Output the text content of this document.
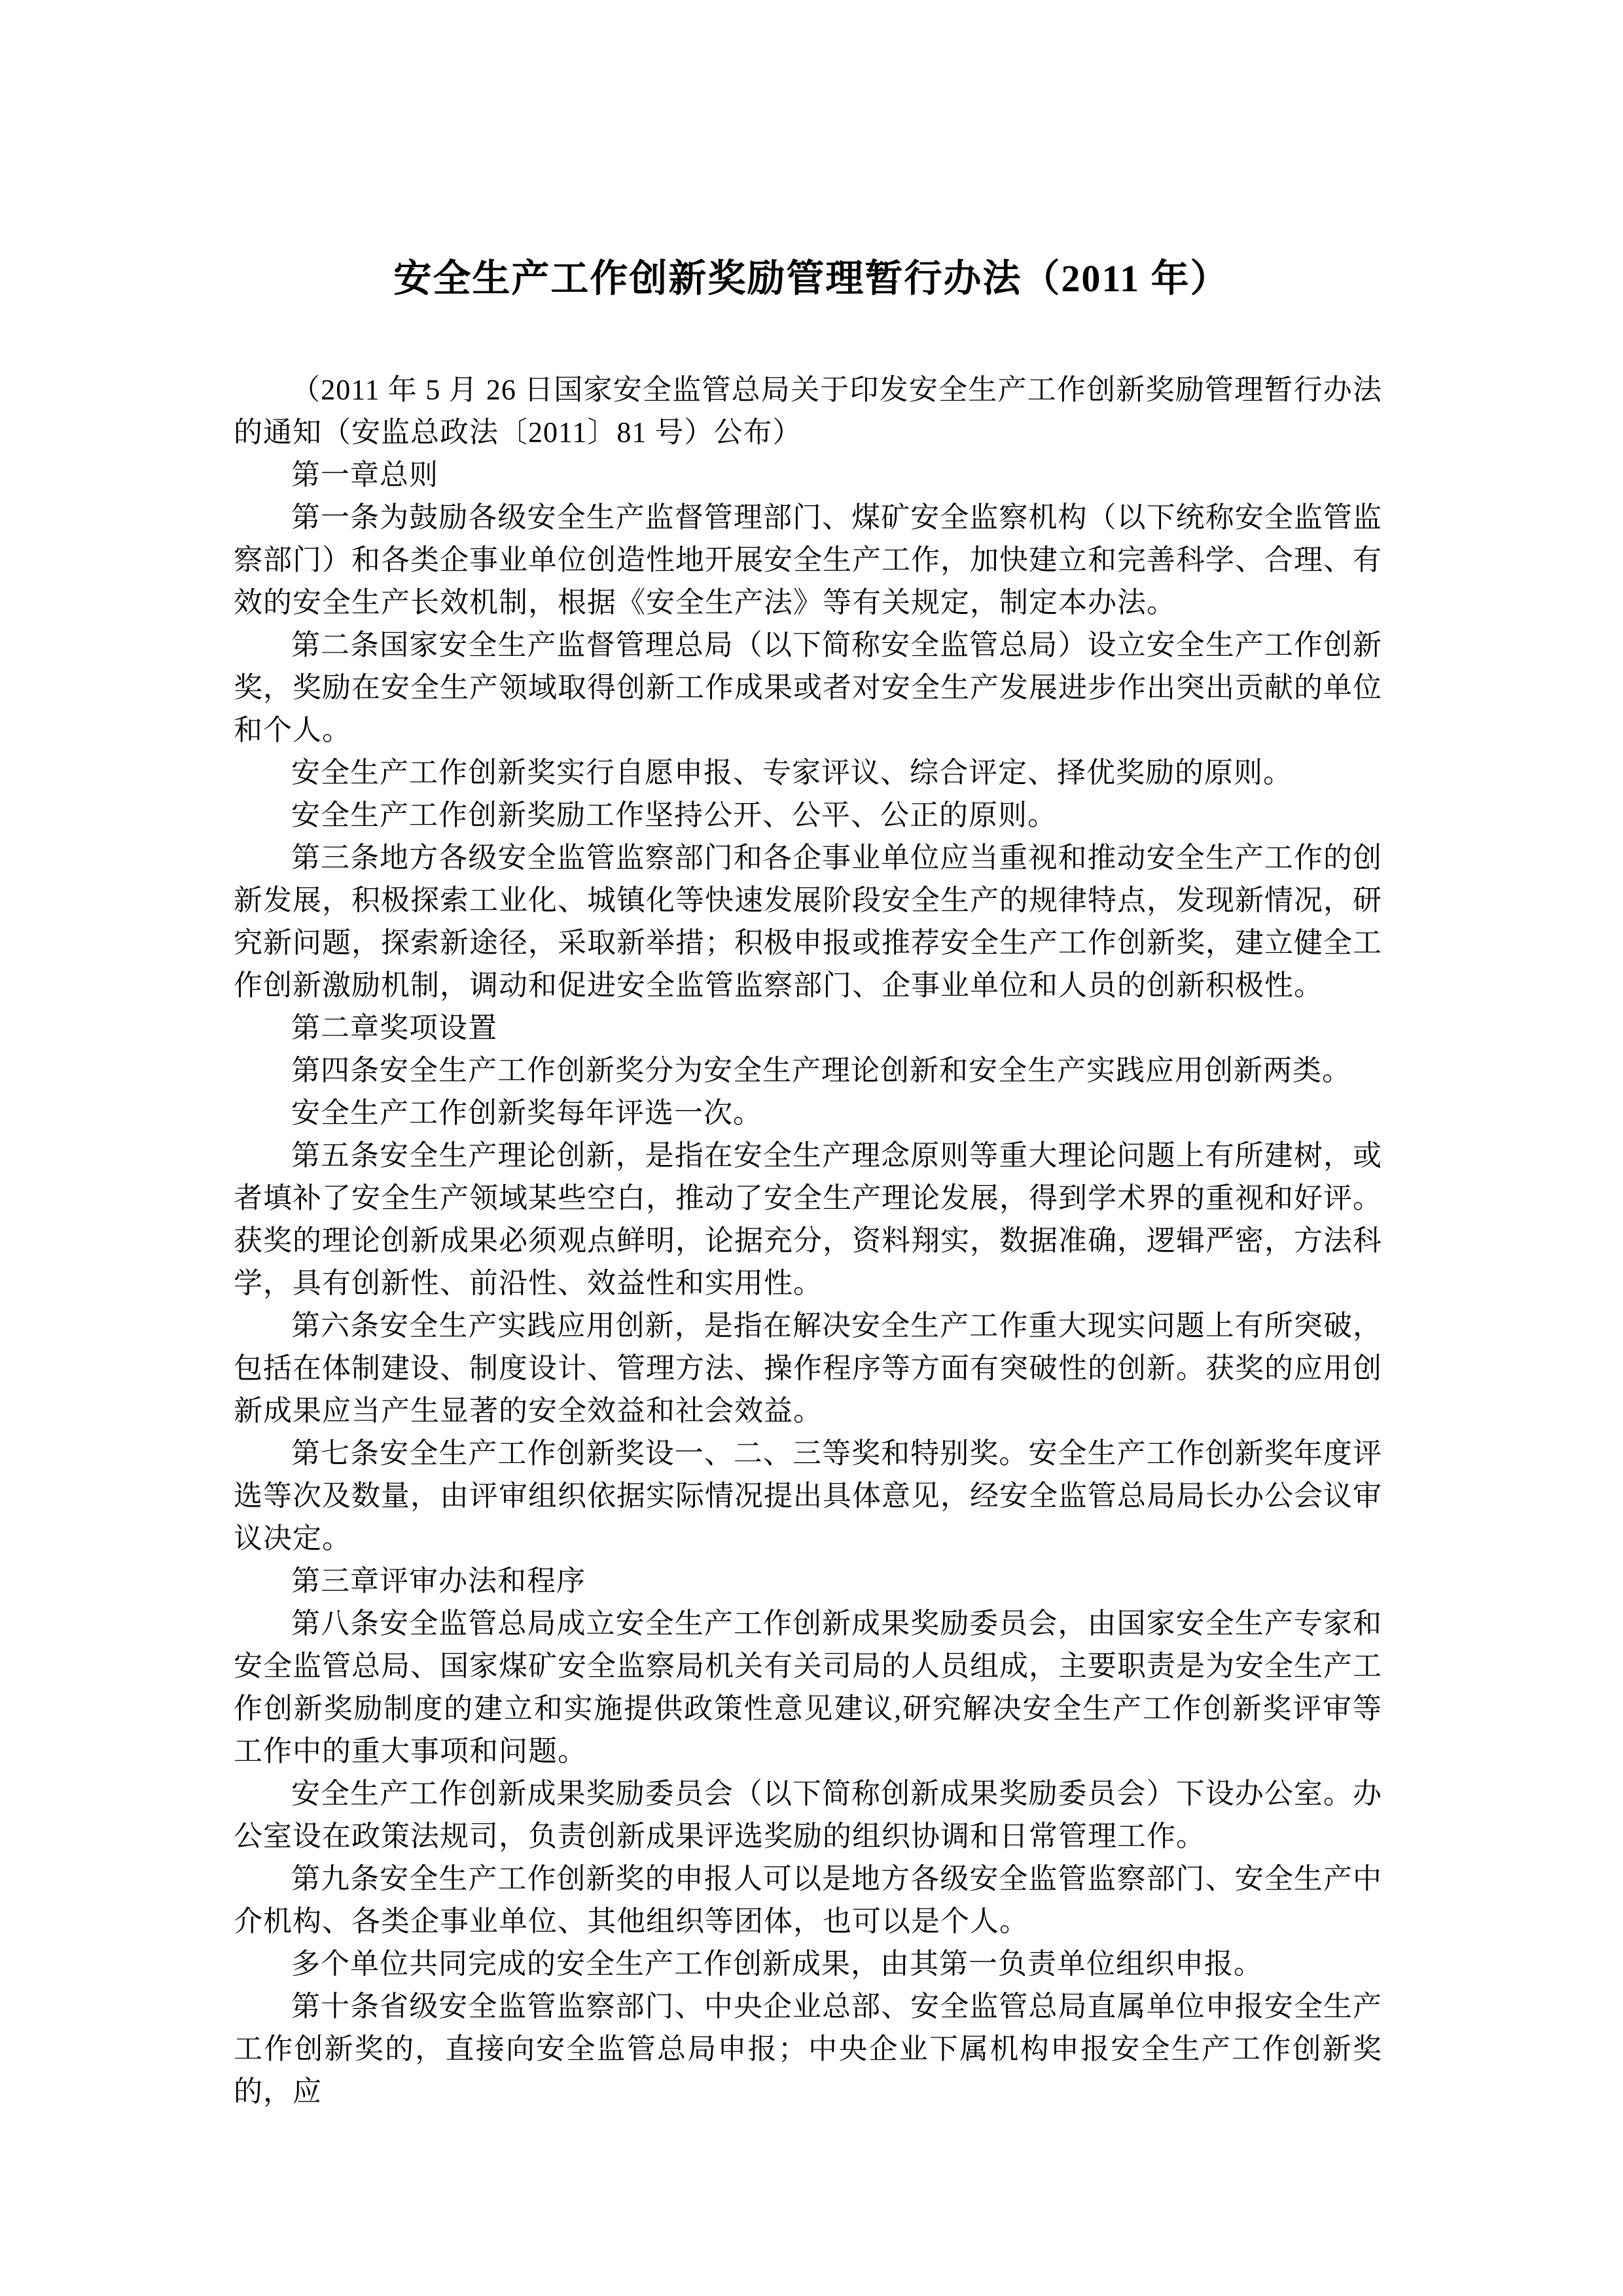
安全生产工作创新奖励管理暂行办法（2011 年）

（2011 年 5 月 26 日国家安全监管总局关于印发安全生产工作创新奖励管理暂行办法的通知（安监总政法〔2011〕81 号）公布）

第一章总则

第一条为鼓励各级安全生产监督管理部门、煤矿安全监察机构（以下统称安全监管监察部门）和各类企事业单位创造性地开展安全生产工作，加快建立和完善科学、合理、有效的安全生产长效机制，根据《安全生产法》等有关规定，制定本办法。

第二条国家安全生产监督管理总局（以下简称安全监管总局）设立安全生产工作创新奖，奖励在安全生产领域取得创新工作成果或者对安全生产发展进步作出突出贡献的单位和个人。

安全生产工作创新奖实行自愿申报、专家评议、综合评定、择优奖励的原则。

安全生产工作创新奖励工作坚持公开、公平、公正的原则。

第三条地方各级安全监管监察部门和各企事业单位应当重视和推动安全生产工作的创新发展，积极探索工业化、城镇化等快速发展阶段安全生产的规律特点，发现新情况，研究新问题，探索新途径，采取新举措；积极申报或推荐安全生产工作创新奖，建立健全工作创新激励机制，调动和促进安全监管监察部门、企事业单位和人员的创新积极性。

第二章奖项设置

第四条安全生产工作创新奖分为安全生产理论创新和安全生产实践应用创新两类。

安全生产工作创新奖每年评选一次。

第五条安全生产理论创新，是指在安全生产理念原则等重大理论问题上有所建树，或者填补了安全生产领域某些空白，推动了安全生产理论发展，得到学术界的重视和好评。获奖的理论创新成果必须观点鲜明，论据充分，资料翔实，数据准确，逻辑严密，方法科学，具有创新性、前沿性、效益性和实用性。

第六条安全生产实践应用创新，是指在解决安全生产工作重大现实问题上有所突破，包括在体制建设、制度设计、管理方法、操作程序等方面有突破性的创新。获奖的应用创新成果应当产生显著的安全效益和社会效益。

第七条安全生产工作创新奖设一、二、三等奖和特别奖。安全生产工作创新奖年度评选等次及数量，由评审组织依据实际情况提出具体意见，经安全监管总局局长办公会议审议决定。

第三章评审办法和程序

第八条安全监管总局成立安全生产工作创新成果奖励委员会，由国家安全生产专家和安全监管总局、国家煤矿安全监察局机关有关司局的人员组成，主要职责是为安全生产工作创新奖励制度的建立和实施提供政策性意见建议,研究解决安全生产工作创新奖评审等工作中的重大事项和问题。

安全生产工作创新成果奖励委员会（以下简称创新成果奖励委员会）下设办公室。办公室设在政策法规司，负责创新成果评选奖励的组织协调和日常管理工作。

第九条安全生产工作创新奖的申报人可以是地方各级安全监管监察部门、安全生产中介机构、各类企事业单位、其他组织等团体，也可以是个人。

多个单位共同完成的安全生产工作创新成果，由其第一负责单位组织申报。

第十条省级安全监管监察部门、中央企业总部、安全监管总局直属单位申报安全生产工作创新奖的，直接向安全监管总局申报；中央企业下属机构申报安全生产工作创新奖的，应
